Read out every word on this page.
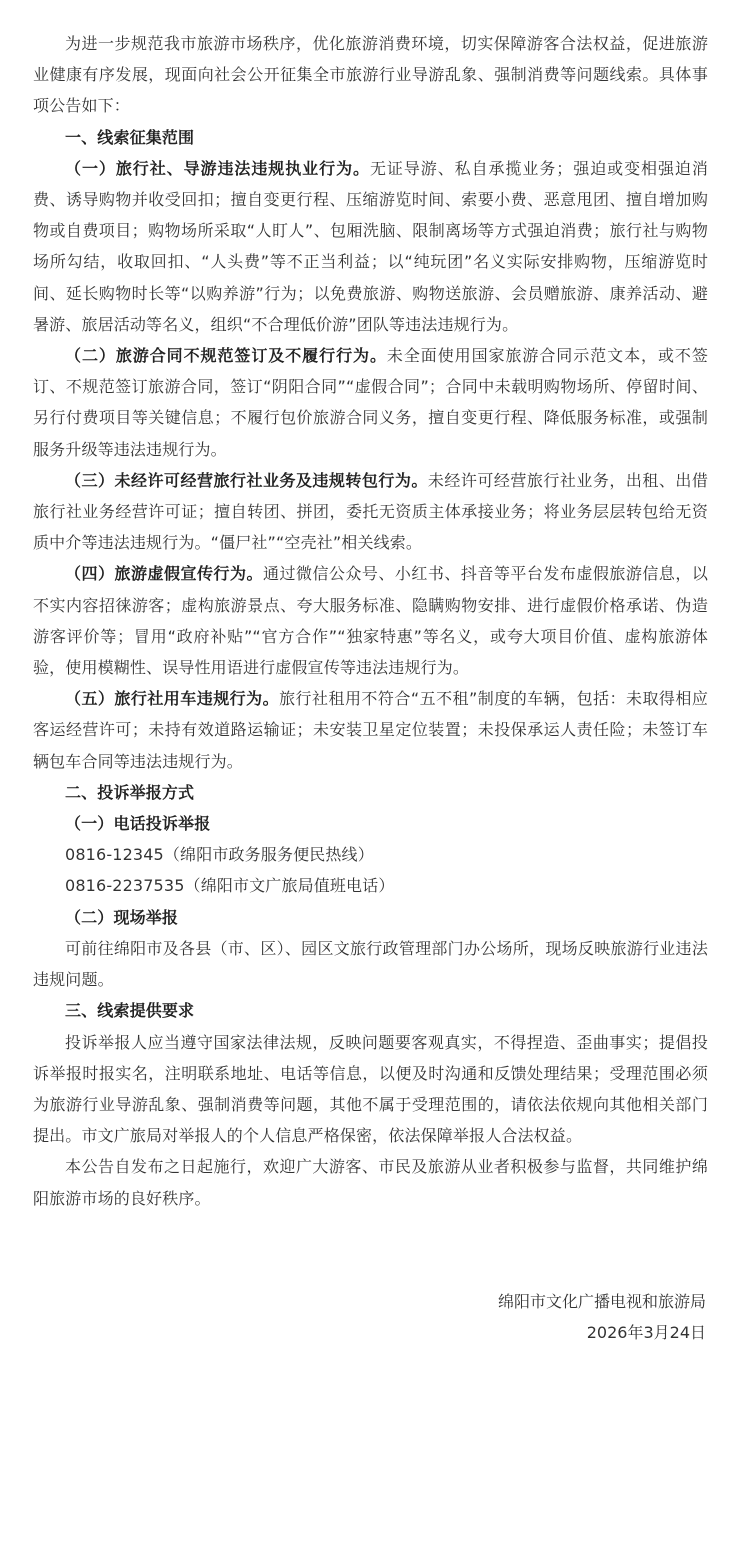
为进一步规范我市旅游市场秩序，优化旅游消费环境，切实保障游客合法权益，促进旅游业健康有序发展，现面向社会公开征集全市旅游行业导游乱象、强制消费等问题线索。具体事项公告如下：

一、线索征集范围

（一）旅行社、导游违法违规执业行为。无证导游、私自承揽业务；强迫或变相强迫消费、诱导购物并收受回扣；擅自变更行程、压缩游览时间、索要小费、恶意甩团、擅自增加购物或自费项目；购物场所采取“人盯人”、包厢洗脑、限制离场等方式强迫消费；旅行社与购物场所勾结，收取回扣、“人头费”等不正当利益；以“纯玩团”名义实际安排购物，压缩游览时间、延长购物时长等“以购养游”行为；以免费旅游、购物送旅游、会员赠旅游、康养活动、避暑游、旅居活动等名义，组织“不合理低价游”团队等违法违规行为。

（二）旅游合同不规范签订及不履行行为。未全面使用国家旅游合同示范文本，或不签订、不规范签订旅游合同，签订“阴阳合同”“虚假合同”；合同中未载明购物场所、停留时间、另行付费项目等关键信息；不履行包价旅游合同义务，擅自变更行程、降低服务标准，或强制服务升级等违法违规行为。

（三）未经许可经营旅行社业务及违规转包行为。未经许可经营旅行社业务，出租、出借旅行社业务经营许可证；擅自转团、拼团，委托无资质主体承接业务；将业务层层转包给无资质中介等违法违规行为。“僵尸社”“空壳社”相关线索。

（四）旅游虚假宣传行为。通过微信公众号、小红书、抖音等平台发布虚假旅游信息，以不实内容招徕游客；虚构旅游景点、夸大服务标准、隐瞒购物安排、进行虚假价格承诺、伪造游客评价等；冒用“政府补贴”“官方合作”“独家特惠”等名义，或夸大项目价值、虚构旅游体验，使用模糊性、误导性用语进行虚假宣传等违法违规行为。

（五）旅行社用车违规行为。旅行社租用不符合“五不租”制度的车辆，包括：未取得相应客运经营许可；未持有效道路运输证；未安装卫星定位装置；未投保承运人责任险；未签订车辆包车合同等违法违规行为。

二、投诉举报方式

（一）电话投诉举报

0816-12345（绵阳市政务服务便民热线）

0816-2237535（绵阳市文广旅局值班电话）

（二）现场举报

可前往绵阳市及各县（市、区）、园区文旅行政管理部门办公场所，现场反映旅游行业违法违规问题。

三、线索提供要求

投诉举报人应当遵守国家法律法规，反映问题要客观真实，不得捏造、歪曲事实；提倡投诉举报时报实名，注明联系地址、电话等信息，以便及时沟通和反馈处理结果；受理范围必须为旅游行业导游乱象、强制消费等问题，其他不属于受理范围的，请依法依规向其他相关部门提出。市文广旅局对举报人的个人信息严格保密，依法保障举报人合法权益。

本公告自发布之日起施行，欢迎广大游客、市民及旅游从业者积极参与监督，共同维护绵阳旅游市场的良好秩序。

绵阳市文化广播电视和旅游局

2026年3月24日
